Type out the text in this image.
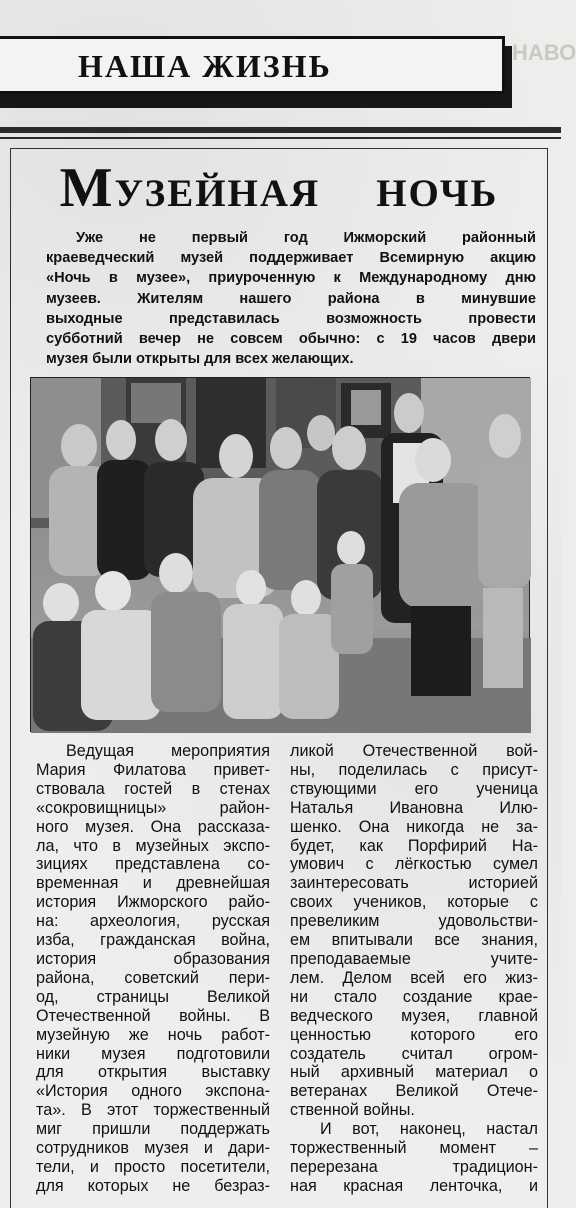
НАША ЖИЗНЬ	НАВО
Музейная ночь
Уже не первый год Ижморский районный
краеведческий музей поддерживает Всемирную акцию
«Ночь в музее», приуроченную к Международному дню
музеев. Жителям нашего района в минувшие
выходные представилась возможность провести
субботний вечер не совсем обычно: с 19 часов двери
музея были открыты для всех желающих.
Ведущая мероприятия
Мария Филатова привет-
ствовала гостей в стенах
«сокровищницы» район-
ного музея. Она рассказа-
ла, что в музейных экспо-
зициях представлена со-
временная и древнейшая
история Ижморского райо-
на: археология, русская
изба, гражданская война,
история образования
района, советский пери-
од, страницы Великой
Отечественной войны. В
музейную же ночь работ-
ники музея подготовили
для открытия выставку
«История одного экспона-
та». В этот торжественный
миг пришли поддержать
сотрудников музея и дари-
тели, и просто посетители,
для которых не безраз-
ликой Отечественной вой-
ны, поделилась с присут-
ствующими его ученица
Наталья Ивановна Илю-
шенко. Она никогда не за-
будет, как Порфирий На-
умович с лёгкостью сумел
заинтересовать историей
своих учеников, которые с
превеликим удовольстви-
ем впитывали все знания,
преподаваемые учите-
лем. Делом всей его жиз-
ни стало создание крае-
ведческого музея, главной
ценностью которого его
создатель считал огром-
ный архивный материал о
ветеранах Великой Отече-
ственной войны.
И вот, наконец, настал
торжественный момент –
перерезана традицион-
ная красная ленточка, и
